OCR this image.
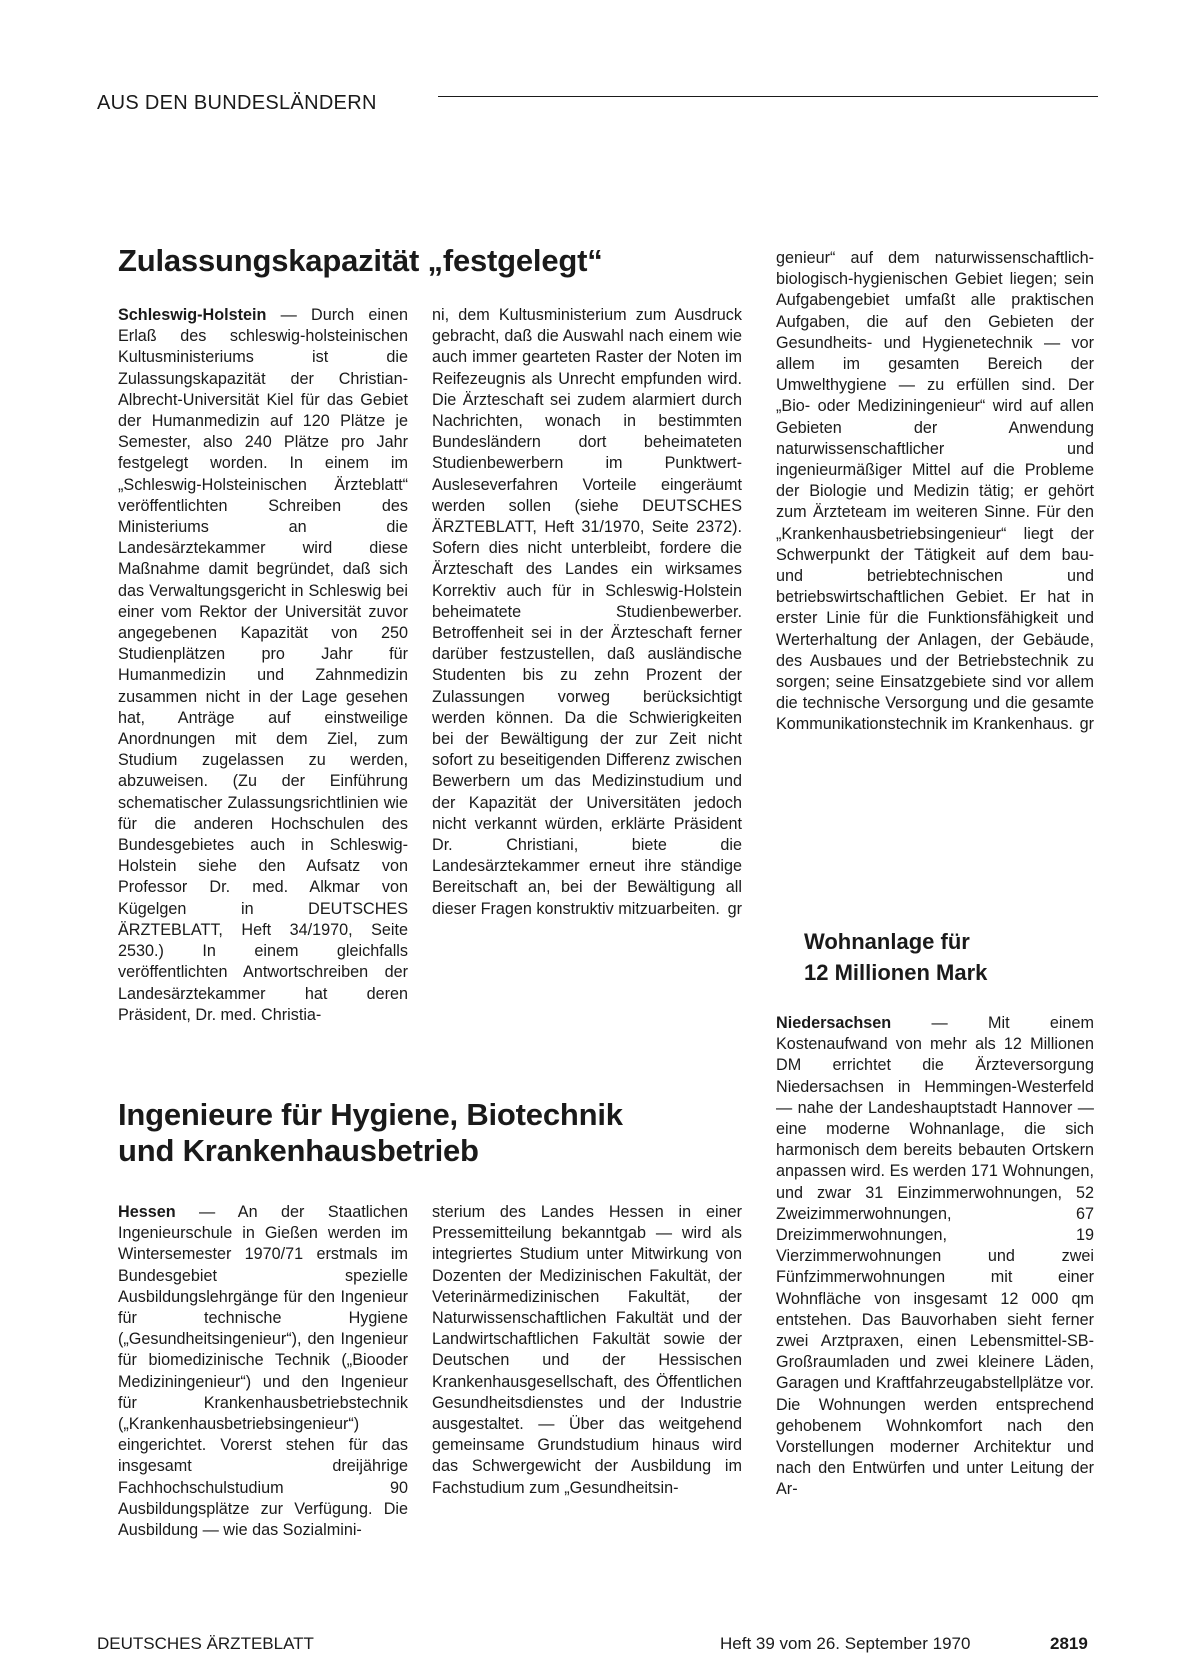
AUS DEN BUNDESLÄNDERN
Zulassungskapazität „festgelegt“

Schleswig-Holstein — Durch einen Erlaß des schleswig-holsteinischen Kultusministeriums ist die Zulassungskapazität der Christian-Albrecht-Universität Kiel für das Gebiet der Humanmedizin auf 120 Plätze je Semester, also 240 Plätze pro Jahr festgelegt worden. In einem im „Schleswig-Holsteinischen Ärzteblatt“ veröffentlichten Schreiben des Ministeriums an die Landesärztekammer wird diese Maßnahme damit begründet, daß sich das Verwaltungsgericht in Schleswig bei einer vom Rektor der Universität zuvor angegebenen Kapazität von 250 Studienplätzen pro Jahr für Humanmedizin und Zahnmedizin zusammen nicht in der Lage gesehen hat, Anträge auf einstweilige Anordnungen mit dem Ziel, zum Studium zugelassen zu werden, abzuweisen. (Zu der Einführung schematischer Zulassungsrichtlinien wie für die anderen Hochschulen des Bundesgebietes auch in Schleswig-Holstein siehe den Aufsatz von Professor Dr. med. Alkmar von Kügelgen in DEUTSCHES ÄRZTEBLATT, Heft 34/1970, Seite 2530.) In einem gleichfalls veröffentlichten Antwortschreiben der Landesärztekammer hat deren Präsident, Dr. med. Christia-

ni, dem Kultusministerium zum Ausdruck gebracht, daß die Auswahl nach einem wie auch immer gearteten Raster der Noten im Reifezeugnis als Unrecht empfunden wird. Die Ärzteschaft sei zudem alarmiert durch Nachrichten, wonach in bestimmten Bundesländern dort beheimateten Studienbewerbern im Punktwert-Ausleseverfahren Vorteile eingeräumt werden sollen (siehe DEUTSCHES ÄRZTEBLATT, Heft 31/1970, Seite 2372). Sofern dies nicht unterbleibt, fordere die Ärzteschaft des Landes ein wirksames Korrektiv auch für in Schleswig-Holstein beheimatete Studienbewerber. Betroffenheit sei in der Ärzteschaft ferner darüber festzustellen, daß ausländische Studenten bis zu zehn Prozent der Zulassungen vorweg berücksichtigt werden können. Da die Schwierigkeiten bei der Bewältigung der zur Zeit nicht sofort zu beseitigenden Differenz zwischen Bewerbern um das Medizinstudium und der Kapazität der Universitäten jedoch nicht verkannt würden, erklärte Präsident Dr. Christiani, biete die Landesärztekammer erneut ihre ständige Bereitschaft an, bei der Bewältigung all dieser Fragen konstruktiv mitzuarbeiten. gr

Ingenieure für Hygiene, Biotechnik
und Krankenhausbetrieb

Hessen — An der Staatlichen Ingenieurschule in Gießen werden im Wintersemester 1970/71 erstmals im Bundesgebiet spezielle Ausbildungslehrgänge für den Ingenieur für technische Hygiene („Gesundheitsingenieur“), den Ingenieur für biomedizinische Technik („Biooder Mediziningenieur“) und den Ingenieur für Krankenhausbetriebstechnik („Krankenhausbetriebsingenieur“) eingerichtet. Vorerst stehen für das insgesamt dreijährige Fachhochschulstudium 90 Ausbildungsplätze zur Verfügung. Die Ausbildung — wie das Sozialmini-

sterium des Landes Hessen in einer Pressemitteilung bekanntgab — wird als integriertes Studium unter Mitwirkung von Dozenten der Medizinischen Fakultät, der Veterinärmedizinischen Fakultät, der Naturwissenschaftlichen Fakultät und der Landwirtschaftlichen Fakultät sowie der Deutschen und der Hessischen Krankenhausgesellschaft, des Öffentlichen Gesundheitsdienstes und der Industrie ausgestaltet. — Über das weitgehend gemeinsame Grundstudium hinaus wird das Schwergewicht der Ausbildung im Fachstudium zum „Gesundheitsin-

genieur“ auf dem naturwissenschaftlich-biologisch-hygienischen Gebiet liegen; sein Aufgabengebiet umfaßt alle praktischen Aufgaben, die auf den Gebieten der Gesundheits- und Hygienetechnik — vor allem im gesamten Bereich der Umwelthygiene — zu erfüllen sind. Der „Bio- oder Mediziningenieur“ wird auf allen Gebieten der Anwendung naturwissenschaftlicher und ingenieurmäßiger Mittel auf die Probleme der Biologie und Medizin tätig; er gehört zum Ärzteteam im weiteren Sinne. Für den „Krankenhausbetriebsingenieur“ liegt der Schwerpunkt der Tätigkeit auf dem bau- und betriebtechnischen und betriebswirtschaftlichen Gebiet. Er hat in erster Linie für die Funktionsfähigkeit und Werterhaltung der Anlagen, der Gebäude, des Ausbaues und der Betriebstechnik zu sorgen; seine Einsatzgebiete sind vor allem die technische Versorgung und die gesamte Kommunikationstechnik im Krankenhaus. gr

Wohnanlage für
12 Millionen Mark

Niedersachsen — Mit einem Kostenaufwand von mehr als 12 Millionen DM errichtet die Ärzteversorgung Niedersachsen in Hemmingen-Westerfeld — nahe der Landeshauptstadt Hannover — eine moderne Wohnanlage, die sich harmonisch dem bereits bebauten Ortskern anpassen wird. Es werden 171 Wohnungen, und zwar 31 Einzimmerwohnungen, 52 Zweizimmerwohnungen, 67 Dreizimmerwohnungen, 19 Vierzimmerwohnungen und zwei Fünfzimmerwohnungen mit einer Wohnfläche von insgesamt 12 000 qm entstehen. Das Bauvorhaben sieht ferner zwei Arztpraxen, einen Lebensmittel-SB-Großraumladen und zwei kleinere Läden, Garagen und Kraftfahrzeugabstellplätze vor. Die Wohnungen werden entsprechend gehobenem Wohnkomfort nach den Vorstellungen moderner Architektur und nach den Entwürfen und unter Leitung der Ar-

DEUTSCHES ÄRZTEBLATT	Heft 39 vom 26. September 1970	2819
